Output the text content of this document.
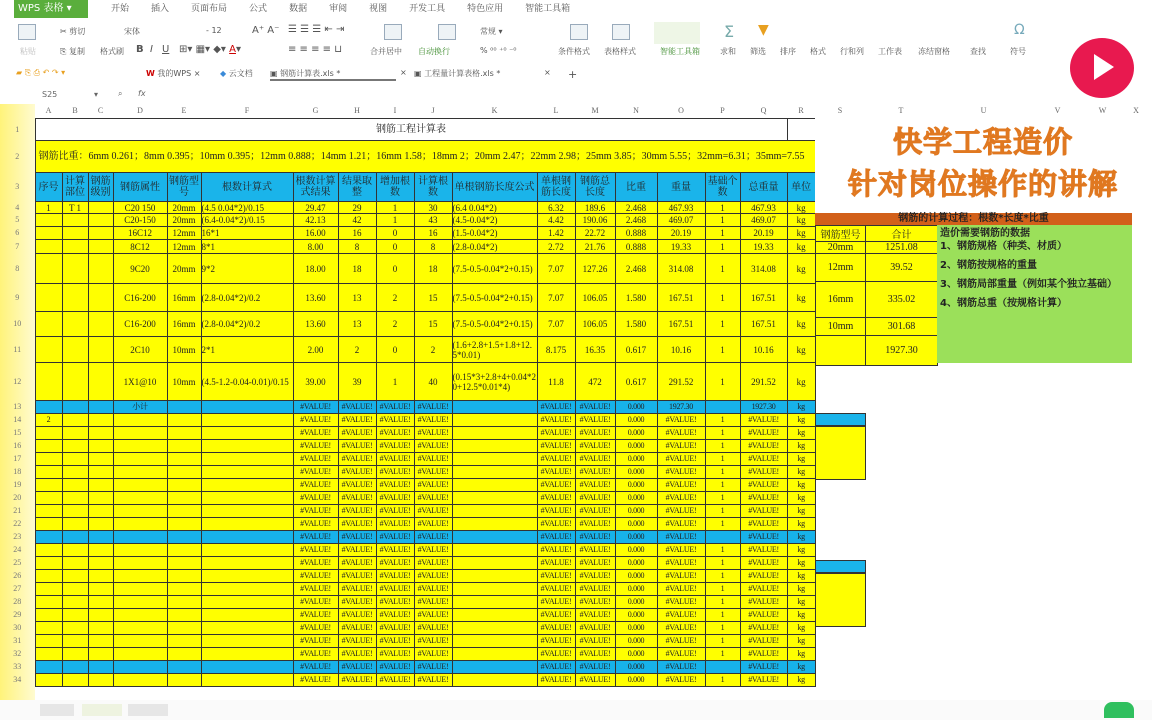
WPS 表格 ▾	开始	插入	页面布局	公式	数据	审阅	视图	开发工具	特色应用	智能工具箱
粘贴
✂ 剪切
⎘ 复制 格式刷
宋体	- 12	A⁺ A⁻
B I U ⊞▾ ▦▾ ◆▾ A▾
☰ ☰ ☰ ⇤ ⇥
≡ ≡ ≡ ≡ ⊔	合并居中 自动换行
常规 ▾
% ⁰⁰ ⁺⁰ ⁻⁰	条件格式 表格样式	智能工具箱
Σ
求和
▼
筛选 排序 格式 行和列 工作表 冻结窗格	查找
Ω
符号
▰ ⎘ ⎙ ↶ ↷ ▾	W 我的WPS × ◆ 云文档 ▣ 钢筋计算表.xls *	× ▣ 工程量计算表格.xls *	× +
S25	▾ ⌕ fx
A	B	C	D	E	F	G	H	I	J	K	L	M	N	O	P	Q	R	S	T	U	V	W	X
1	钢筋工程计算表																	
2	钢筋比重：6mm 0.261；8mm 0.395；10mm 0.395；12mm 0.888；14mm 1.21；16mm 1.58；18mm 2；20mm 2.47；22mm 2.98；25mm 3.85；30mm 5.55；32mm=6.31；35mm=7.55																	
3	序号	计算部位	钢筋级别	钢筋属性	钢筋型号	根数计算式	根数计算式结果	结果取整	增加根数	计算根数	单根钢筋长度公式	单根钢筋长度	钢筋总长度	比重	重量	基础个数	总重量	单位
4	1	T 1		C20 150	20mm	(4.5 0.04*2)/0.15	29.47	29	1	30	(6.4 0.04*2)	6.32	189.6	2.468	467.93	1	467.93	kg
5				C20-150	20mm	(6.4-0.04*2)/0.15	42.13	42	1	43	(4.5-0.04*2)	4.42	190.06	2.468	469.07	1	469.07	kg
6				16C12	12mm	16*1	16.00	16	0	16	(1.5-0.04*2)	1.42	22.72	0.888	20.19	1	20.19	kg
7				8C12	12mm	8*1	8.00	8	0	8	(2.8-0.04*2)	2.72	21.76	0.888	19.33	1	19.33	kg
8				9C20	20mm	9*2	18.00	18	0	18	(7.5-0.5-0.04*2+0.15)	7.07	127.26	2.468	314.08	1	314.08	kg
9				C16-200	16mm	(2.8-0.04*2)/0.2	13.60	13	2	15	(7.5-0.5-0.04*2+0.15)	7.07	106.05	1.580	167.51	1	167.51	kg
10				C16-200	16mm	(2.8-0.04*2)/0.2	13.60	13	2	15	(7.5-0.5-0.04*2+0.15)	7.07	106.05	1.580	167.51	1	167.51	kg
11				2C10	10mm	2*1	2.00	2	0	2	(1.6+2.8+1.5+1.8+12.5*0.01)	8.175	16.35	0.617	10.16	1	10.16	kg
12				1X1@10	10mm	(4.5-1.2-0.04-0.01)/0.15	39.00	39	1	40	(0.15*3+2.8+4+0.04*20+12.5*0.01*4)	11.8	472	0.617	291.52	1	291.52	kg
13				小计			#VALUE!	#VALUE!	#VALUE!	#VALUE!		#VALUE!	#VALUE!	0.000	1927.30		1927.30	kg
14	2						#VALUE!	#VALUE!	#VALUE!	#VALUE!		#VALUE!	#VALUE!	0.000	#VALUE!	1	#VALUE!	kg
15							#VALUE!	#VALUE!	#VALUE!	#VALUE!		#VALUE!	#VALUE!	0.000	#VALUE!	1	#VALUE!	kg
16							#VALUE!	#VALUE!	#VALUE!	#VALUE!		#VALUE!	#VALUE!	0.000	#VALUE!	1	#VALUE!	kg
17							#VALUE!	#VALUE!	#VALUE!	#VALUE!		#VALUE!	#VALUE!	0.000	#VALUE!	1	#VALUE!	kg
18							#VALUE!	#VALUE!	#VALUE!	#VALUE!		#VALUE!	#VALUE!	0.000	#VALUE!	1	#VALUE!	kg
19							#VALUE!	#VALUE!	#VALUE!	#VALUE!		#VALUE!	#VALUE!	0.000	#VALUE!	1	#VALUE!	kg
20							#VALUE!	#VALUE!	#VALUE!	#VALUE!		#VALUE!	#VALUE!	0.000	#VALUE!	1	#VALUE!	kg
21							#VALUE!	#VALUE!	#VALUE!	#VALUE!		#VALUE!	#VALUE!	0.000	#VALUE!	1	#VALUE!	kg
22							#VALUE!	#VALUE!	#VALUE!	#VALUE!		#VALUE!	#VALUE!	0.000	#VALUE!	1	#VALUE!	kg
23							#VALUE!	#VALUE!	#VALUE!	#VALUE!		#VALUE!	#VALUE!	0.000	#VALUE!		#VALUE!	kg
24							#VALUE!	#VALUE!	#VALUE!	#VALUE!		#VALUE!	#VALUE!	0.000	#VALUE!	1	#VALUE!	kg
25							#VALUE!	#VALUE!	#VALUE!	#VALUE!		#VALUE!	#VALUE!	0.000	#VALUE!	1	#VALUE!	kg
26							#VALUE!	#VALUE!	#VALUE!	#VALUE!		#VALUE!	#VALUE!	0.000	#VALUE!	1	#VALUE!	kg
27							#VALUE!	#VALUE!	#VALUE!	#VALUE!		#VALUE!	#VALUE!	0.000	#VALUE!	1	#VALUE!	kg
28							#VALUE!	#VALUE!	#VALUE!	#VALUE!		#VALUE!	#VALUE!	0.000	#VALUE!	1	#VALUE!	kg
29							#VALUE!	#VALUE!	#VALUE!	#VALUE!		#VALUE!	#VALUE!	0.000	#VALUE!	1	#VALUE!	kg
30							#VALUE!	#VALUE!	#VALUE!	#VALUE!		#VALUE!	#VALUE!	0.000	#VALUE!	1	#VALUE!	kg
31							#VALUE!	#VALUE!	#VALUE!	#VALUE!		#VALUE!	#VALUE!	0.000	#VALUE!	1	#VALUE!	kg
32							#VALUE!	#VALUE!	#VALUE!	#VALUE!		#VALUE!	#VALUE!	0.000	#VALUE!	1	#VALUE!	kg
33							#VALUE!	#VALUE!	#VALUE!	#VALUE!		#VALUE!	#VALUE!	0.000	#VALUE!		#VALUE!	kg
34							#VALUE!	#VALUE!	#VALUE!	#VALUE!		#VALUE!	#VALUE!	0.000	#VALUE!	1	#VALUE!	kg
快学工程造价
针对岗位操作的讲解
钢筋的计算过程：根数*长度*比重
钢筋型号	合计
20mm	1251.08
12mm	39.52
16mm	335.02
10mm	301.68
	1927.30
造价需要钢筋的数据
1、钢筋规格（种类、材质）
2、钢筋按规格的重量
3、钢筋局部重量（例如某个独立基础）
4、钢筋总重（按规格计算）
